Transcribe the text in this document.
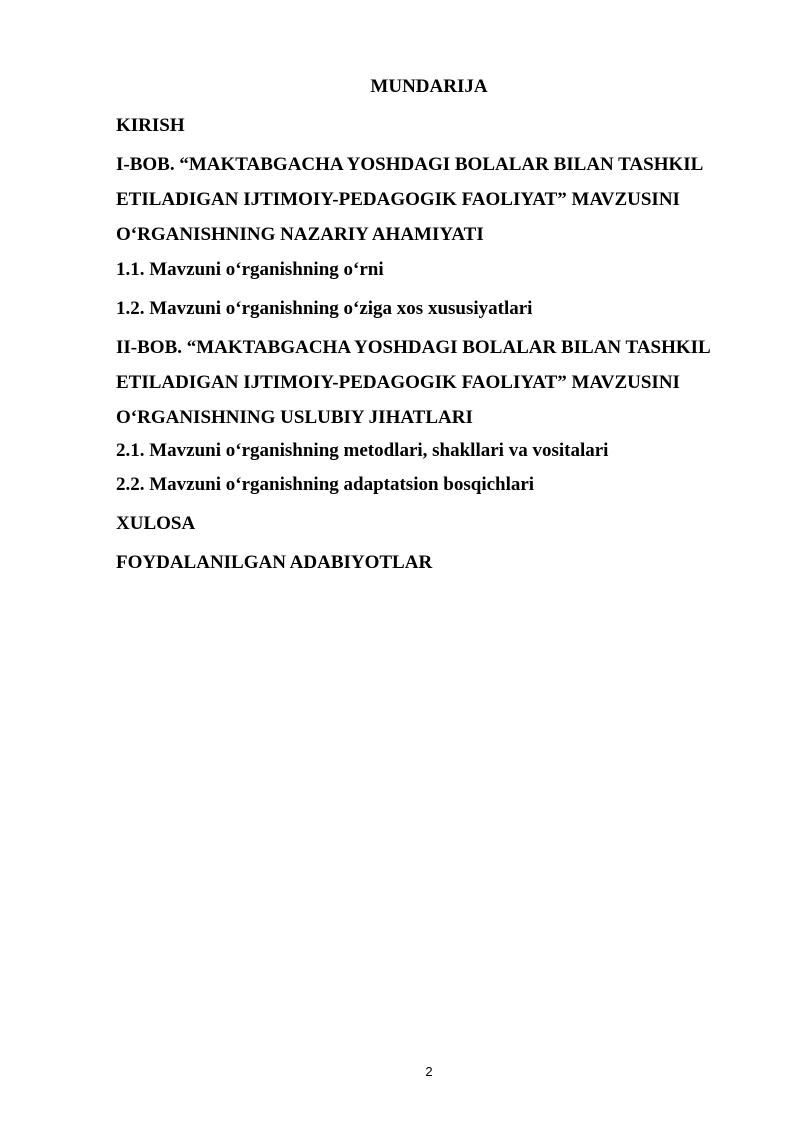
MUNDARIJA

KIRISH

I-BOB. “MAKTABGACHA YOSHDAGI BOLALAR BILAN TASHKIL
ETILADIGAN IJTIMOIY-PEDAGOGIK FAOLIYAT” MAVZUSINI
O‘RGANISHNING NAZARIY AHAMIYATI

1.1. Mavzuni o‘rganishning o‘rni

1.2. Mavzuni o‘rganishning o‘ziga xos xususiyatlari

II-BOB. “MAKTABGACHA YOSHDAGI BOLALAR BILAN TASHKIL
ETILADIGAN IJTIMOIY-PEDAGOGIK FAOLIYAT” MAVZUSINI
O‘RGANISHNING USLUBIY JIHATLARI

2.1. Mavzuni o‘rganishning metodlari, shakllari va vositalari

2.2. Mavzuni o‘rganishning adaptatsion bosqichlari

XULOSA

FOYDALANILGAN ADABIYOTLAR

2
